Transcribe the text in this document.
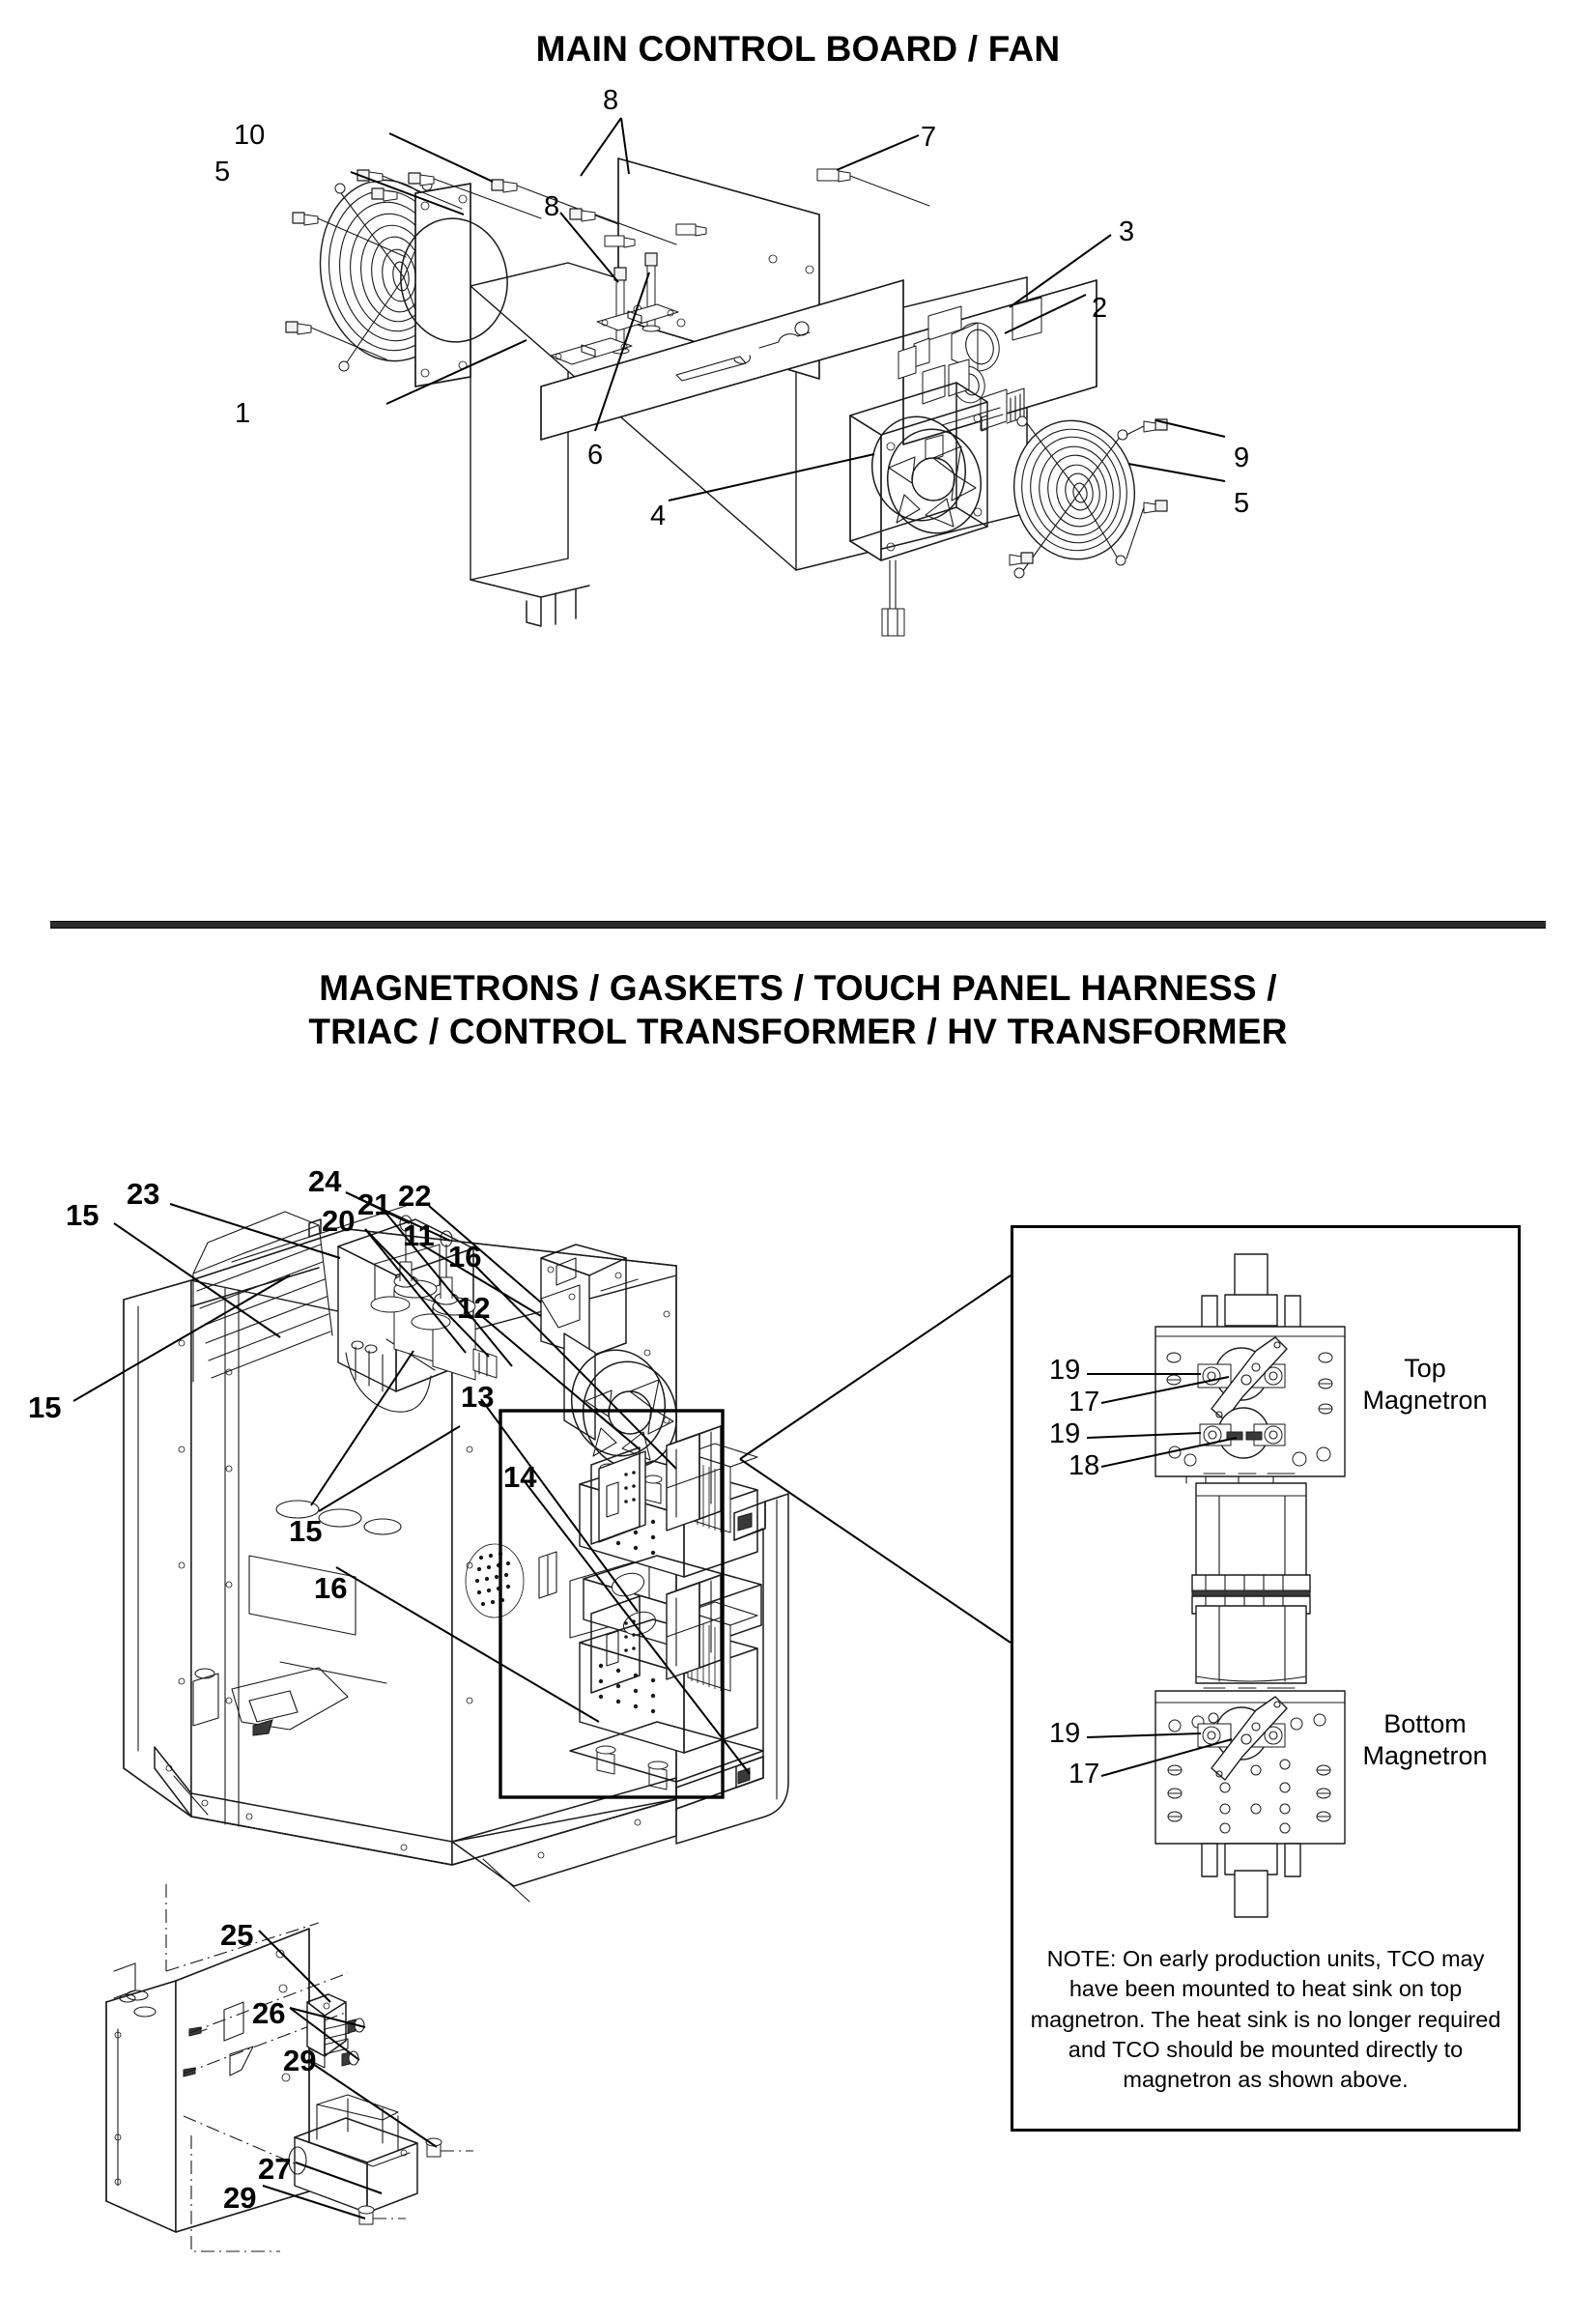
MAIN CONTROL BOARD / FAN
8
10	7
5
8
3
2
1
6	9
4	5
MAGNETRONS / GASKETS / TOUCH PANEL HARNESS /
TRIAC / CONTROL TRANSFORMER / HV TRANSFORMER
15
23	24
20 21 22
11
16
12
13
15
14
15
16
25
26
29
27
29
19
17
19
18
19
17
Top
Magnetron
Bottom
Magnetron
NOTE: On early production units, TCO may have been mounted to heat sink on top magnetron. The heat sink is no longer required and TCO should be mounted directly to magnetron as shown above.
